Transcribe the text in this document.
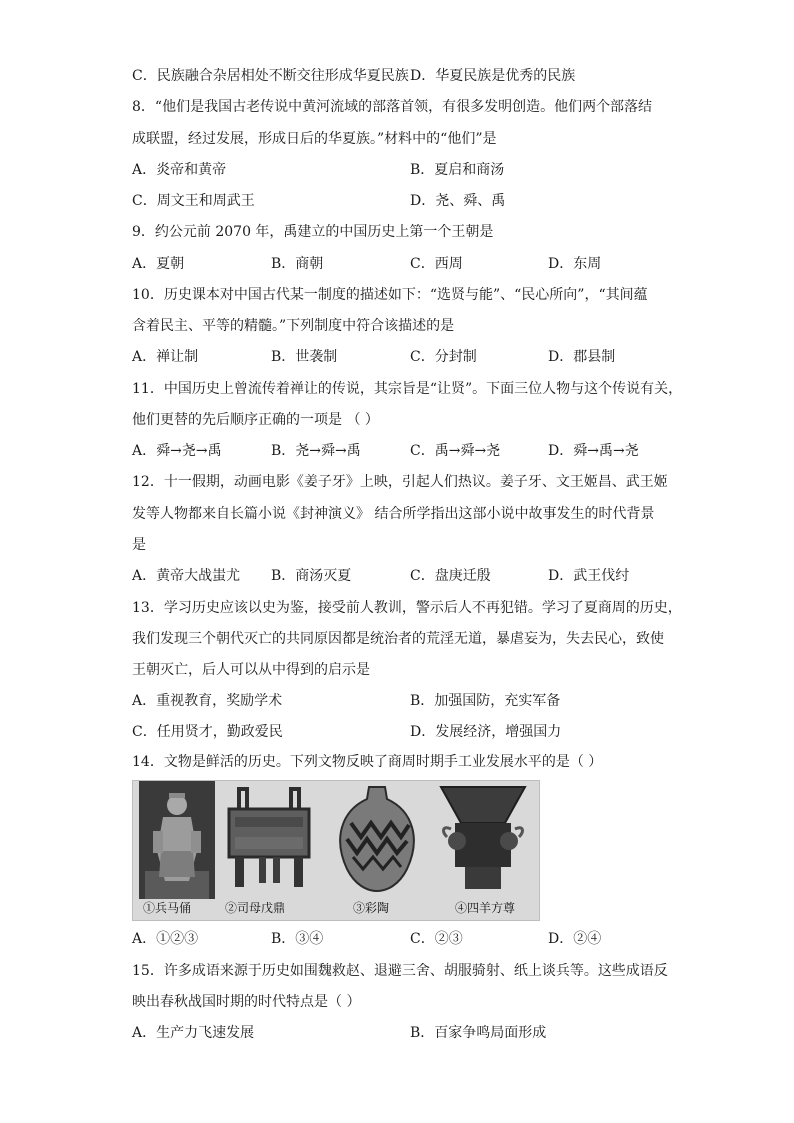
C．民族融合杂居相处不断交往形成华夏民族 D．华夏民族是优秀的民族
8．“他们是我国古老传说中黄河流域的部落首领，有很多发明创造。他们两个部落结
成联盟，经过发展，形成日后的华夏族。”材料中的“他们”是
A．炎帝和黄帝	B．夏启和商汤
C．周文王和周武王	D．尧、舜、禹
9．约公元前 2070 年，禹建立的中国历史上第一个王朝是
A．夏朝	B．商朝	C．西周	D．东周
10．历史课本对中国古代某一制度的描述如下：“选贤与能”、“民心所向”，“其间蕴
含着民主、平等的精髓。”下列制度中符合该描述的是
A．禅让制	B．世袭制	C．分封制	D．郡县制
11．中国历史上曾流传着禅让的传说，其宗旨是“让贤”。下面三位人物与这个传说有关，
他们更替的先后顺序正确的一项是 （ ）
A．舜→尧→禹	B．尧→舜→禹	C．禹→舜→尧	D．舜→禹→尧
12．十一假期，动画电影《姜子牙》上映，引起人们热议。姜子牙、文王姬昌、武王姬
发等人物都来自长篇小说《封神演义》 结合所学指出这部小说中故事发生的时代背景
是
A．黄帝大战蚩尤 B．商汤灭夏	C．盘庚迁殷	D．武王伐纣
13．学习历史应该以史为鉴，接受前人教训，警示后人不再犯错。学习了夏商周的历史，
我们发现三个朝代灭亡的共同原因都是统治者的荒淫无道，暴虐妄为，失去民心，致使
王朝灭亡，后人可以从中得到的启示是
A．重视教育，奖励学术	B．加强国防，充实军备
C．任用贤才，勤政爱民	D．发展经济，增强国力
14．文物是鲜活的历史。下列文物反映了商周时期手工业发展水平的是（ ）
①兵马俑	②司母戊鼎	③彩陶	④四羊方尊
A．①②③	B．③④	C．②③	D．②④
15．许多成语来源于历史如围魏救赵、退避三舍、胡服骑射、纸上谈兵等。这些成语反
映出春秋战国时期的时代特点是（ ）
A．生产力飞速发展	B．百家争鸣局面形成
